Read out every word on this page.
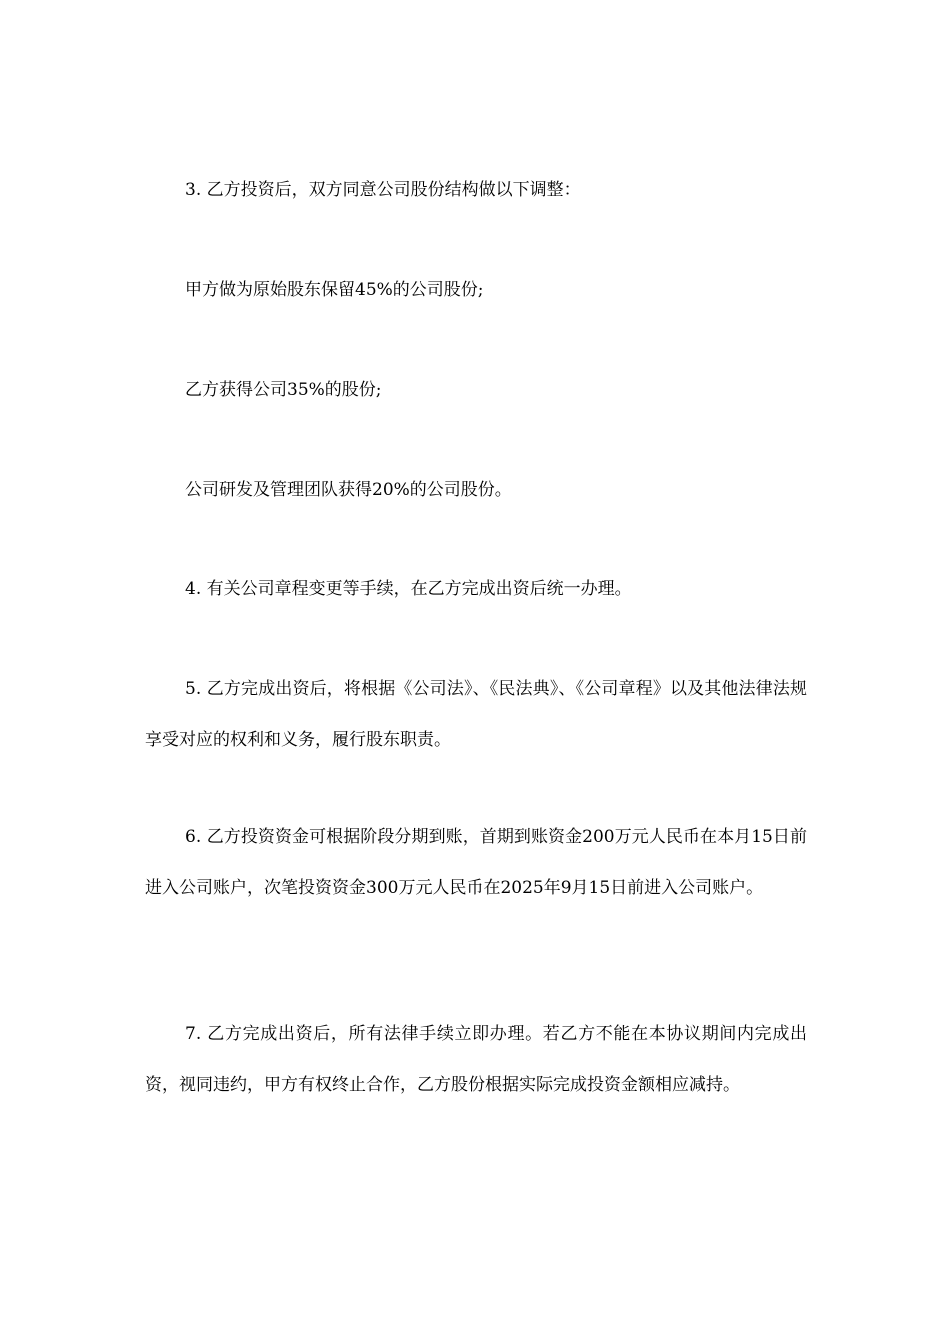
3. 乙方投资后，双方同意公司股份结构做以下调整：

甲方做为原始股东保留45%的公司股份;

乙方获得公司35%的股份;

公司研发及管理团队获得20%的公司股份。

4. 有关公司章程变更等手续，在乙方完成出资后统一办理。

5. 乙方完成出资后，将根据《公司法》、《民法典》、《公司章程》以及其他法律法规享受对应的权利和义务，履行股东职责。

6. 乙方投资资金可根据阶段分期到账，首期到账资金200万元人民币在本月15日前进入公司账户，次笔投资资金300万元人民币在2025年9月15日前进入公司账户。

7. 乙方完成出资后，所有法律手续立即办理。若乙方不能在本协议期间内完成出资，视同违约，甲方有权终止合作，乙方股份根据实际完成投资金额相应减持。
